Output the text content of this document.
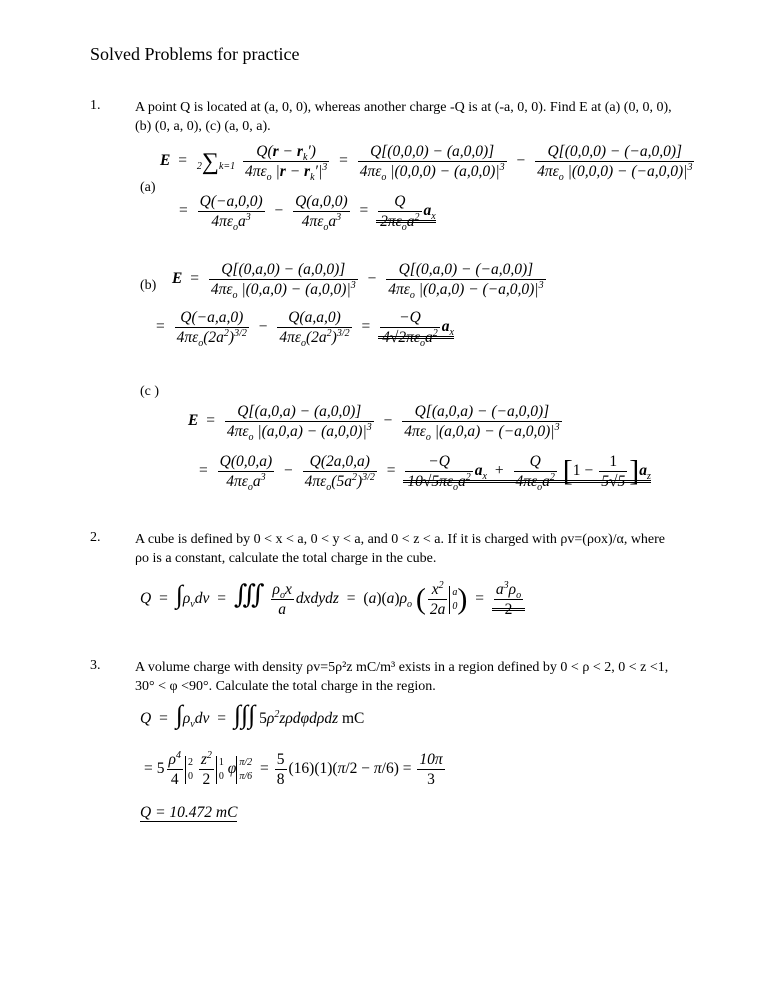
Solved Problems for practice
1. A point Q is located at (a, 0, 0), whereas another charge -Q is at (-a, 0, 0). Find E at (a) (0, 0, 0), (b) (0, a, 0), (c) (a, 0, a).
(a)
$E = 2\sum k=1 \frac{Q(r - r_k')}{4\pi\varepsilon_o |r - r_k'|^3} = \frac{Q[(0,0,0) - (a,0,0)]}{4\pi\varepsilon_o |(0,0,0) - (a,0,0)|^3} - \frac{Q[(0,0,0) - (-a,0,0)]}{4\pi\varepsilon_o |(0,0,0) - (-a,0,0)|^3}$
= $\frac{Q(-a,0,0)}{4\pi\varepsilon_oa^3} - \frac{Q(a,0,0)}{4\pi\varepsilon_oa^3} = \frac{Q}{2\pi\varepsilon_oa^2} a_x$
(b) $E = \frac{Q[(0,a,0) - (a,0,0)]}{4\pi\varepsilon_o |(0,a,0) - (a,0,0)|^3} - \frac{Q[(0,a,0) - (-a,0,0)]}{4\pi\varepsilon_o |(0,a,0) - (-a,0,0)|^3}$
= $\frac{Q(-a,a,0)}{4\pi\varepsilon_o(2a^2)^{3/2}} - \frac{Q(a,a,0)}{4\pi\varepsilon_o(2a^2)^{3/2}} = \frac{-Q}{4√2\pi\varepsilon_oa^2} a_x$
(c )
$E = \frac{Q[(a,0,a) - (a,0,0)]}{4\pi\varepsilon_o |(a,0,a) - (a,0,0)|^3} - \frac{Q[(a,0,a) - (-a,0,0)]}{4\pi\varepsilon_o |(a,0,a) - (-a,0,0)|^3}$
= $\frac{Q(0,0,a)}{4\pi\varepsilon_oa^3} - \frac{Q(2a,0,a)}{4\pi\varepsilon_o(5a^2)^{3/2}} = \frac{-Q}{10√5\pi\varepsilon_oa^2} a_x + \frac{Q}{4\pi\varepsilon_oa^2} [1 - \frac{1}{5√5} ]a_z$
2. A cube is defined by 0 < x < a, 0 < y < a, and 0 < z < a. If it is charged with ρv=(ρox)/α, where ρo is a constant, calculate the total charge in the cube.
$Q = \int\rho_vdv$ = ∭ $\frac{\rho_ox}{a}$ dxdydz = $(a)(a)\rho_o$ ( $\frac{x^2}{2a}$ a
$0) = \frac{a^3\rho_o}{2}$
3. A volume charge with density ρv=5ρ²z mC/m³ exists in a region defined by 0 < ρ < 2, 0 < z <1, 30° < φ <90°. Calculate the total charge in the region.
$Q = \int\rho_vdv$ = ∫∫∫ $5\rho^2z\rho d\varphi d\rho dz$ mC
= $5 \frac{\rho^4}{4} 2$
$0 \frac{z^2}{2} 1$
0 φ π/2
$\pi/6 = \frac{5}{8} (16)(1)(\pi/2 - \pi/6) = \frac{10\pi}{3}$
Q = 10.472 mC
